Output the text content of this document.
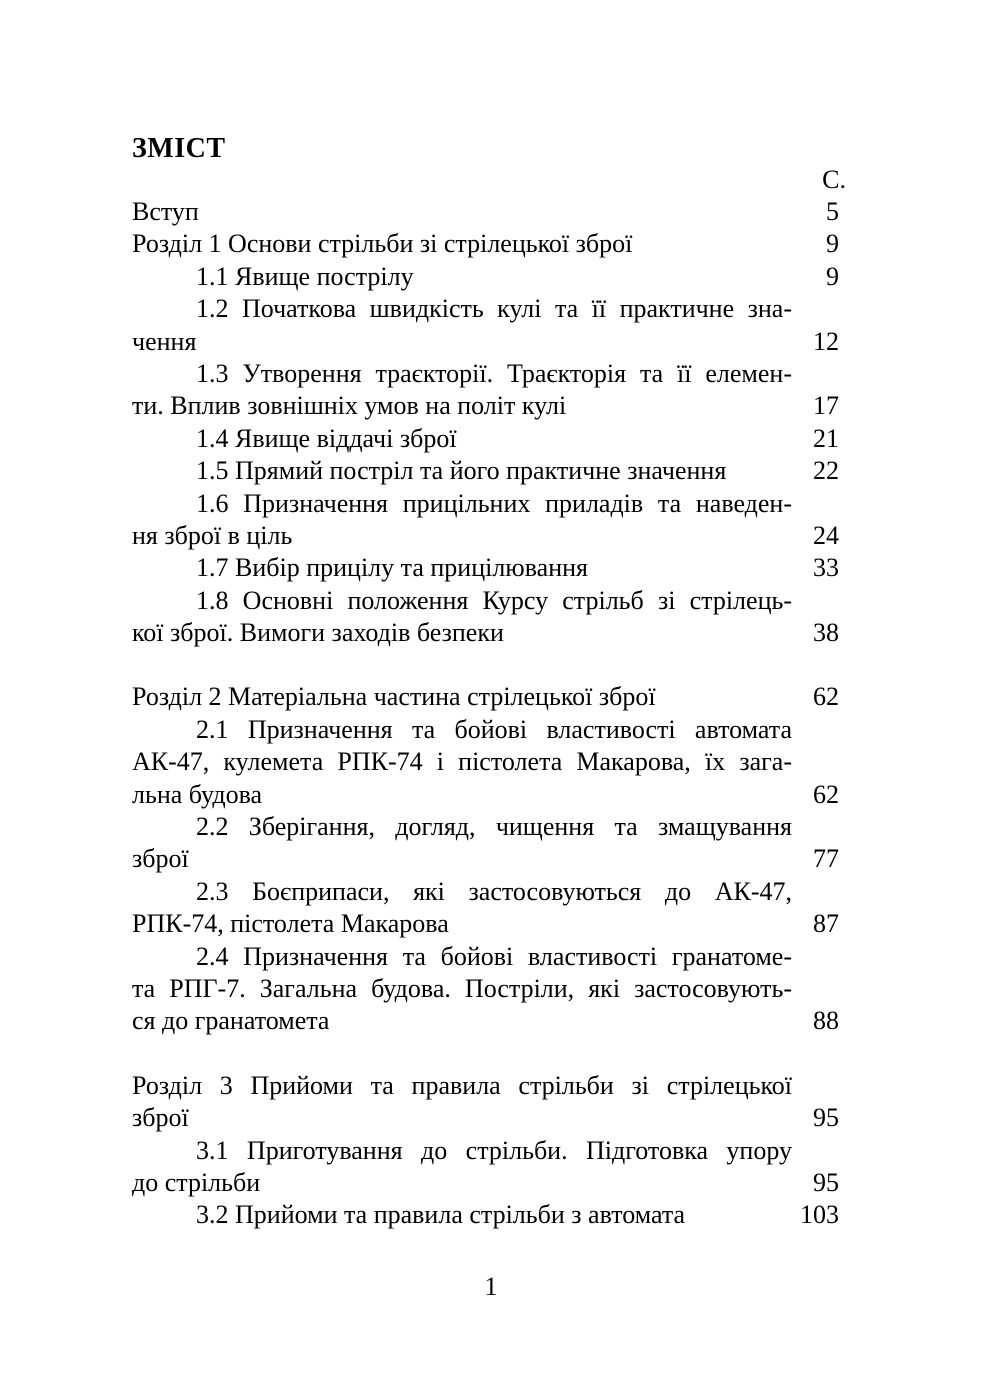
ЗМІСТ
С.
Вступ	5
Розділ 1 Основи стрільби зі стрілецької зброї	9
1.1 Явище пострілу	9
1.2 Початкова швидкість кулі та її практичне зна-
чення	12
1.3 Утворення траєкторії. Траєкторія та її елемен-
ти. Вплив зовнішніх умов на політ кулі	17
1.4 Явище віддачі зброї	21
1.5 Прямий постріл та його практичне значення	22
1.6 Призначення прицільних приладів та наведен-
ня зброї в ціль	24
1.7 Вибір прицілу та прицілювання	33
1.8 Основні положення Курсу стрільб зі стрілець-
кої зброї. Вимоги заходів безпеки	38
Розділ 2 Матеріальна частина стрілецької зброї	62
2.1 Призначення та бойові властивості автомата
АК-47, кулемета РПК-74 і пістолета Макарова, їх зага-
льна будова	62
2.2 Зберігання, догляд, чищення та змащування
зброї	77
2.3 Боєприпаси, які застосовуються до АК-47,
РПК-74, пістолета Макарова	87
2.4 Призначення та бойові властивості гранатоме-
та РПГ-7. Загальна будова. Постріли, які застосовують-
ся до гранатомета	88
Розділ 3 Прийоми та правила стрільби зі стрілецької
зброї	95
3.1 Приготування до стрільби. Підготовка упору
до стрільби	95
3.2 Прийоми та правила стрільби з автомата	103
1
